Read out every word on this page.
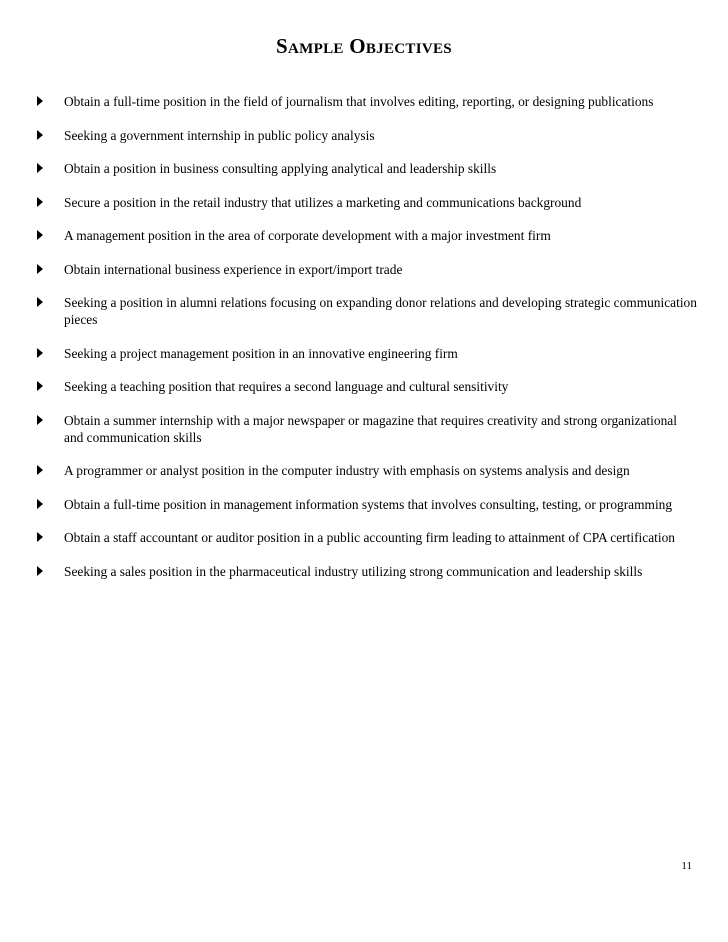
Sample Objectives
Obtain a full-time position in the field of journalism that involves editing, reporting, or designing publications
Seeking a government internship in public policy analysis
Obtain a position in business consulting applying analytical and leadership skills
Secure a position in the retail industry that utilizes a marketing and communications background
A management position in the area of corporate development with a major investment firm
Obtain international business experience in export/import trade
Seeking a position in alumni relations focusing on expanding donor relations and developing strategic communication pieces
Seeking a project management position in an innovative engineering firm
Seeking a teaching position that requires a second language and cultural sensitivity
Obtain a summer internship with a major newspaper or magazine that requires creativity and strong organizational and communication skills
A programmer or analyst position in the computer industry with emphasis on systems analysis and design
Obtain a full-time position in management information systems that involves consulting, testing, or programming
Obtain a staff accountant or auditor position in a public accounting firm leading to attainment of CPA certification
Seeking a sales position in the pharmaceutical industry utilizing strong communication and leadership skills
11
